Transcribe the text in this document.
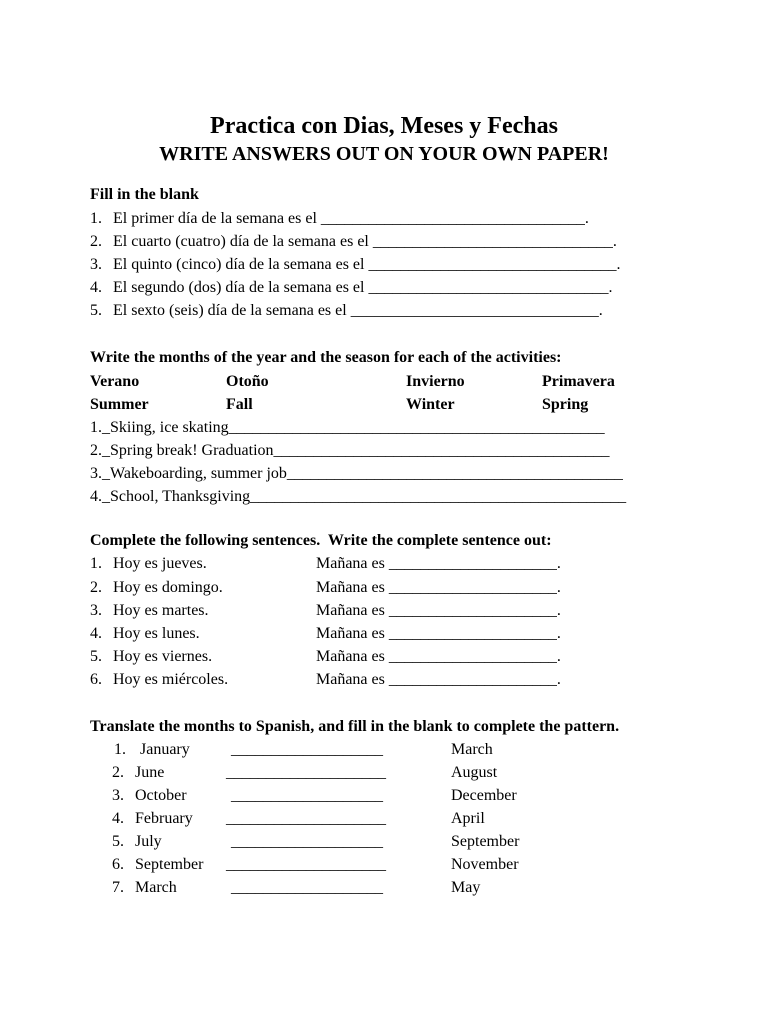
Practica con Dias, Meses y Fechas
WRITE ANSWERS OUT ON YOUR OWN PAPER!
Fill in the blank
1. El primer día de la semana es el _________________________________.
2. El cuarto (cuatro) día de la semana es el ______________________________.
3. El quinto (cinco) día de la semana es el _______________________________.
4. El segundo (dos) día de la semana es el ______________________________.
5. El sexto (seis) día de la semana es el _______________________________.
Write the months of the year and the season for each of the activities:
Verano	Otoño	Invierno	Primavera
Summer	Fall	Winter	Spring
1._Skiing, ice skating_______________________________________________
2._Spring break! Graduation__________________________________________
3._Wakeboarding, summer job__________________________________________
4._School, Thanksgiving_______________________________________________
Complete the following sentences.  Write the complete sentence out:
1. Hoy es jueves.	Mañana es _____________________.
2. Hoy es domingo.	Mañana es _____________________.
3. Hoy es martes.	Mañana es _____________________.
4. Hoy es lunes.	Mañana es _____________________.
5. Hoy es viernes.	Mañana es _____________________.
6. Hoy es miércoles.	Mañana es _____________________.
Translate the months to Spanish, and fill in the blank to complete the pattern.
1. January	___________________	March
2. June	____________________	August
3. October	___________________	December
4. February ____________________	April
5. July	___________________	September
6. September ____________________	November
7. March	___________________	May
